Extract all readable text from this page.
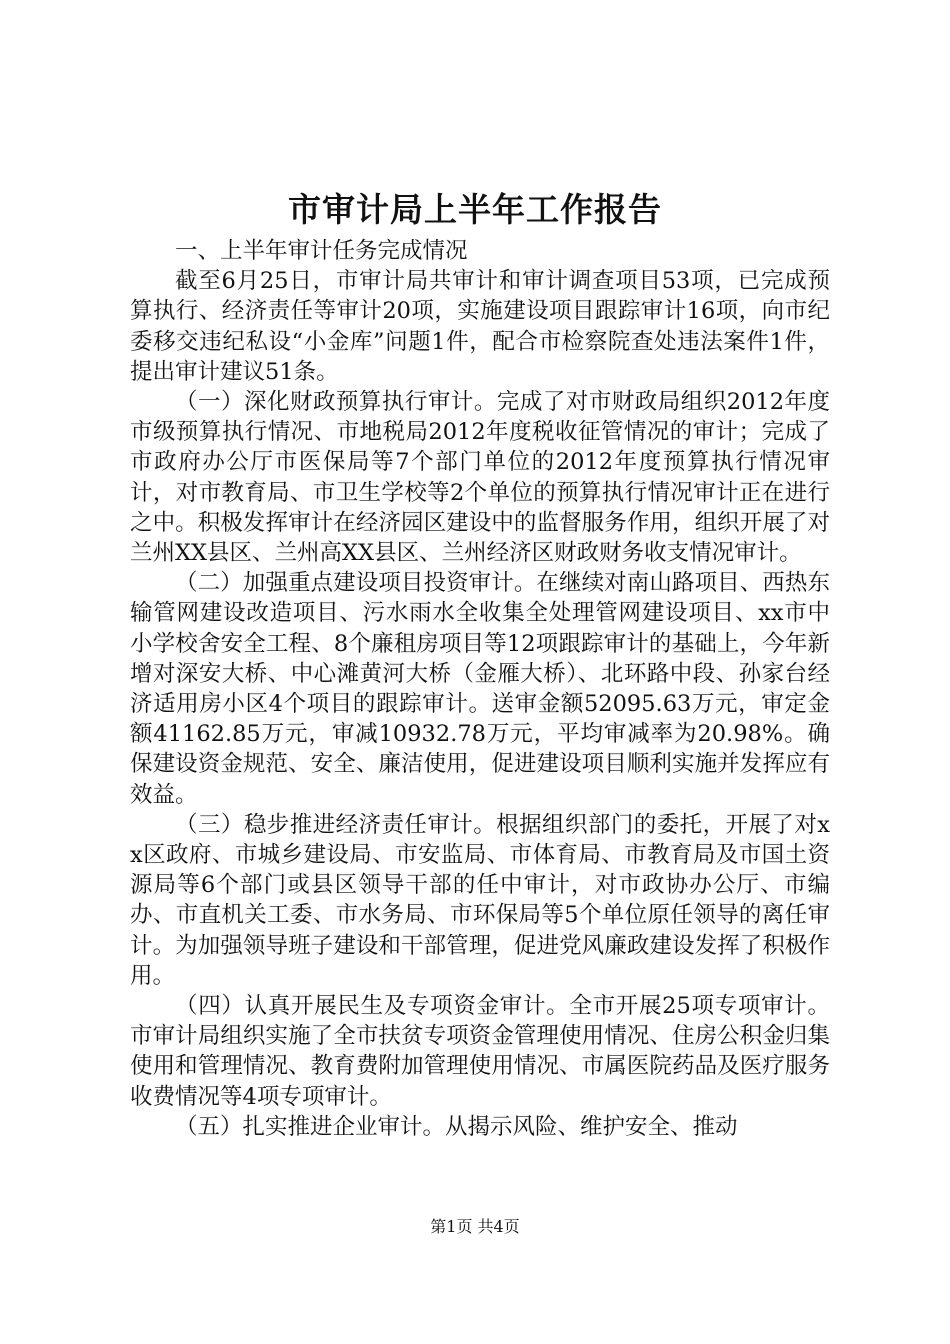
市审计局上半年工作报告

一、上半年审计任务完成情况

截至6月25日，市审计局共审计和审计调查项目53项，已完成预算执行、经济责任等审计20项，实施建设项目跟踪审计16项，向市纪委移交违纪私设“小金库”问题1件，配合市检察院查处违法案件1件，提出审计建议51条。

（一）深化财政预算执行审计。完成了对市财政局组织2012年度市级预算执行情况、市地税局2012年度税收征管情况的审计；完成了市政府办公厅市医保局等7个部门单位的2012年度预算执行情况审计，对市教育局、市卫生学校等2个单位的预算执行情况审计正在进行之中。积极发挥审计在经济园区建设中的监督服务作用，组织开展了对兰州XX县区、兰州高XX县区、兰州经济区财政财务收支情况审计。

（二）加强重点建设项目投资审计。在继续对南山路项目、西热东输管网建设改造项目、污水雨水全收集全处理管网建设项目、xx市中小学校舍安全工程、8个廉租房项目等12项跟踪审计的基础上，今年新增对深安大桥、中心滩黄河大桥（金雁大桥）、北环路中段、孙家台经济适用房小区4个项目的跟踪审计。送审金额52095.63万元，审定金额41162.85万元，审减10932.78万元，平均审减率为20.98%。确保建设资金规范、安全、廉洁使用，促进建设项目顺利实施并发挥应有效益。

（三）稳步推进经济责任审计。根据组织部门的委托，开展了对xx区政府、市城乡建设局、市安监局、市体育局、市教育局及市国土资源局等6个部门或县区领导干部的任中审计，对市政协办公厅、市编办、市直机关工委、市水务局、市环保局等5个单位原任领导的离任审计。为加强领导班子建设和干部管理，促进党风廉政建设发挥了积极作用。

（四）认真开展民生及专项资金审计。全市开展25项专项审计。市审计局组织实施了全市扶贫专项资金管理使用情况、住房公积金归集使用和管理情况、教育费附加管理使用情况、市属医院药品及医疗服务收费情况等4项专项审计。

（五）扎实推进企业审计。从揭示风险、维护安全、推动

第1页 共4页
